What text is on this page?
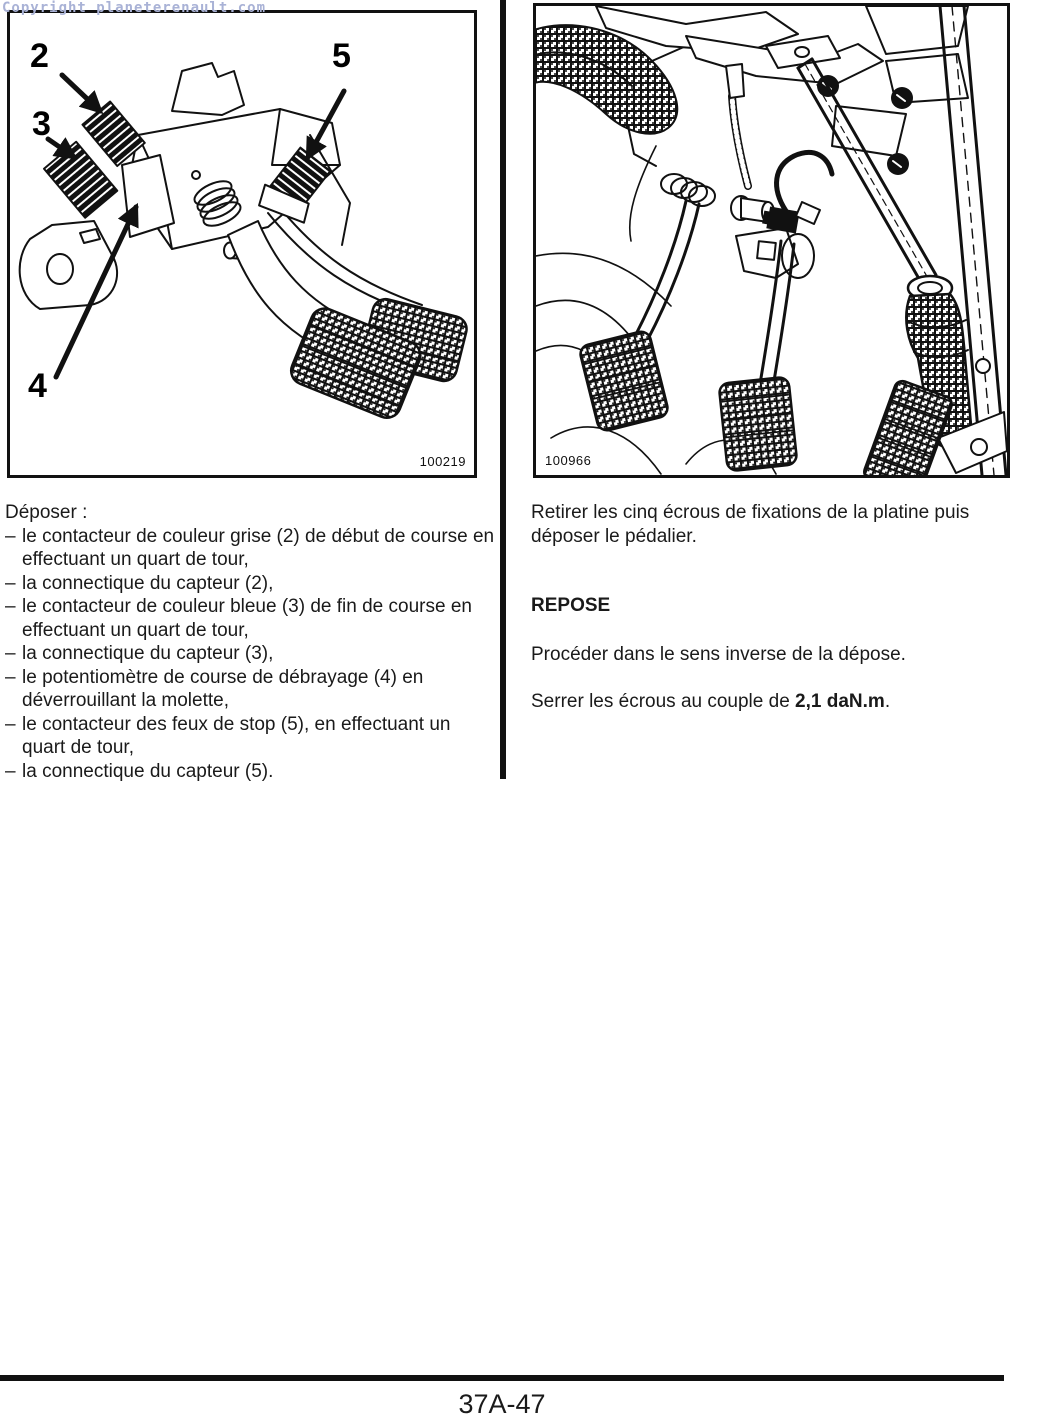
Copyright planeterenault.com
2
3
4
5
100219	100966
Déposer :
– le contacteur de couleur grise (2) de début de course en effectuant un quart de tour,
– la connectique du capteur (2),
– le contacteur de couleur bleue (3) de fin de course en effectuant un quart de tour,
– la connectique du capteur (3),
– le potentiomètre de course de débrayage (4) en déverrouillant la molette,
– le contacteur des feux de stop (5), en effectuant un quart de tour,
– la connectique du capteur (5).

Retirer les cinq écrous de fixations de la platine puis déposer le pédalier.

REPOSE

Procéder dans le sens inverse de la dépose.

Serrer les écrous au couple de 2,1 daN.m.

37A-47
